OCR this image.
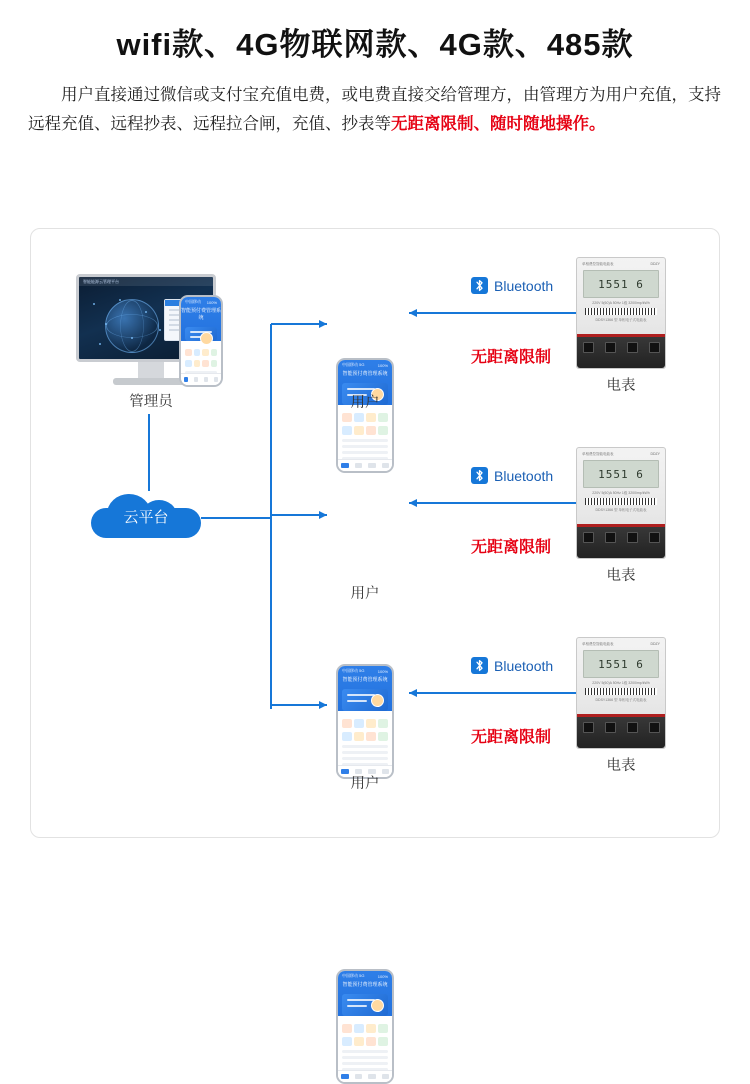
wifi款、4G物联网款、4G款、485款

用户直接通过微信或支付宝充值电费，或电费直接交给管理方，由管理方为用户充值，支持远程充值、远程抄表、远程拉合闸，充值、抄表等无距离限制、随时随地操作。

智能能源云管理平台
管理员
中国移动 100%
智能预付费管理系统
云平台
中国移动 5G	100%
智能预付费管理系统
用户
Bluetooth
无距离限制
单相费控智能电能表	DDZY
1551 6
220V 5(60)A 50Hz 1级 3200imp/kWh
DDSY1366 型 单相电子式电能表
电表
中国移动 5G	100%
智能预付费管理系统
用户
Bluetooth
无距离限制
单相费控智能电能表	DDZY
1551 6
220V 5(60)A 50Hz 1级 3200imp/kWh
DDSY1366 型 单相电子式电能表
电表
中国移动 5G	100%
智能预付费管理系统
用户
Bluetooth
无距离限制
单相费控智能电能表	DDZY
1551 6
220V 5(60)A 50Hz 1级 3200imp/kWh
DDSY1366 型 单相电子式电能表
电表
